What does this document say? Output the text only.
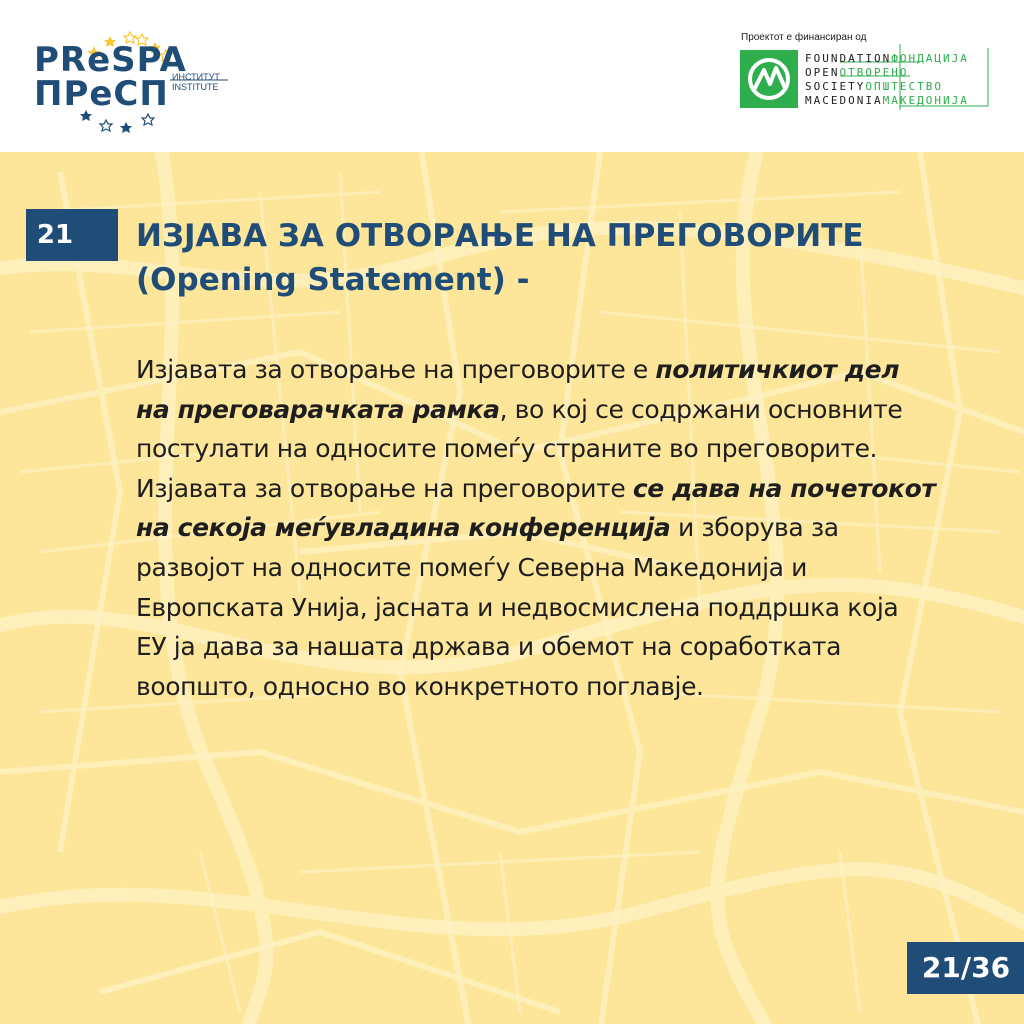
PReSPA
ПРеСП ИНСТИТУТ
INSTITUTE
Проектот е финансиран од
FOUNDATIONФОНДАЦИЈА
OPENОТВОРЕНО
SOCIETYОПШТЕСТВО
MACEDONIAМАКЕДОНИЈА
21 ИЗЈАВА ЗА ОТВОРАЊЕ НА ПРЕГОВОРИТЕ
(Opening Statement) -

Изјавата за отворање на преговорите е политичкиот дел на преговарачката рамка, во кој се содржани основните постулати на односите помеѓу страните во преговорите. Изјавата за отворање на преговорите се дава на почетокот на секоја меѓувладина конференција и зборува за развојот на односите помеѓу Северна Македонија и Европската Унија, јасната и недвосмислена поддршка која ЕУ ја дава за нашата држава и обемот на соработката воопшто, односно во конкретното поглавје.

21/36
